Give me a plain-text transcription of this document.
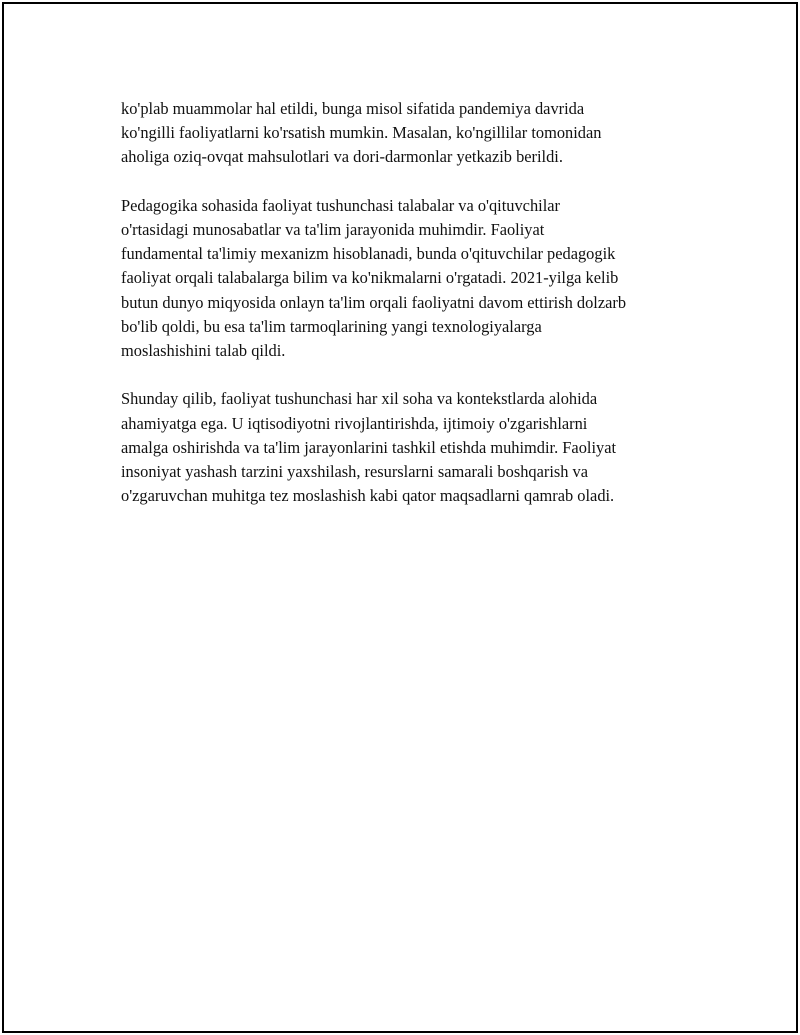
ko'plab muammolar hal etildi, bunga misol sifatida pandemiya davrida
ko'ngilli faoliyatlarni ko'rsatish mumkin. Masalan, ko'ngillilar tomonidan
aholiga oziq-ovqat mahsulotlari va dori-darmonlar yetkazib berildi.

Pedagogika sohasida faoliyat tushunchasi talabalar va o'qituvchilar
o'rtasidagi munosabatlar va ta'lim jarayonida muhimdir. Faoliyat
fundamental ta'limiy mexanizm hisoblanadi, bunda o'qituvchilar pedagogik
faoliyat orqali talabalarga bilim va ko'nikmalarni o'rgatadi. 2021-yilga kelib
butun dunyo miqyosida onlayn ta'lim orqali faoliyatni davom ettirish dolzarb
bo'lib qoldi, bu esa ta'lim tarmoqlarining yangi texnologiyalarga
moslashishini talab qildi.

Shunday qilib, faoliyat tushunchasi har xil soha va kontekstlarda alohida
ahamiyatga ega. U iqtisodiyotni rivojlantirishda, ijtimoiy o'zgarishlarni
amalga oshirishda va ta'lim jarayonlarini tashkil etishda muhimdir. Faoliyat
insoniyat yashash tarzini yaxshilash, resurslarni samarali boshqarish va
o'zgaruvchan muhitga tez moslashish kabi qator maqsadlarni qamrab oladi.
